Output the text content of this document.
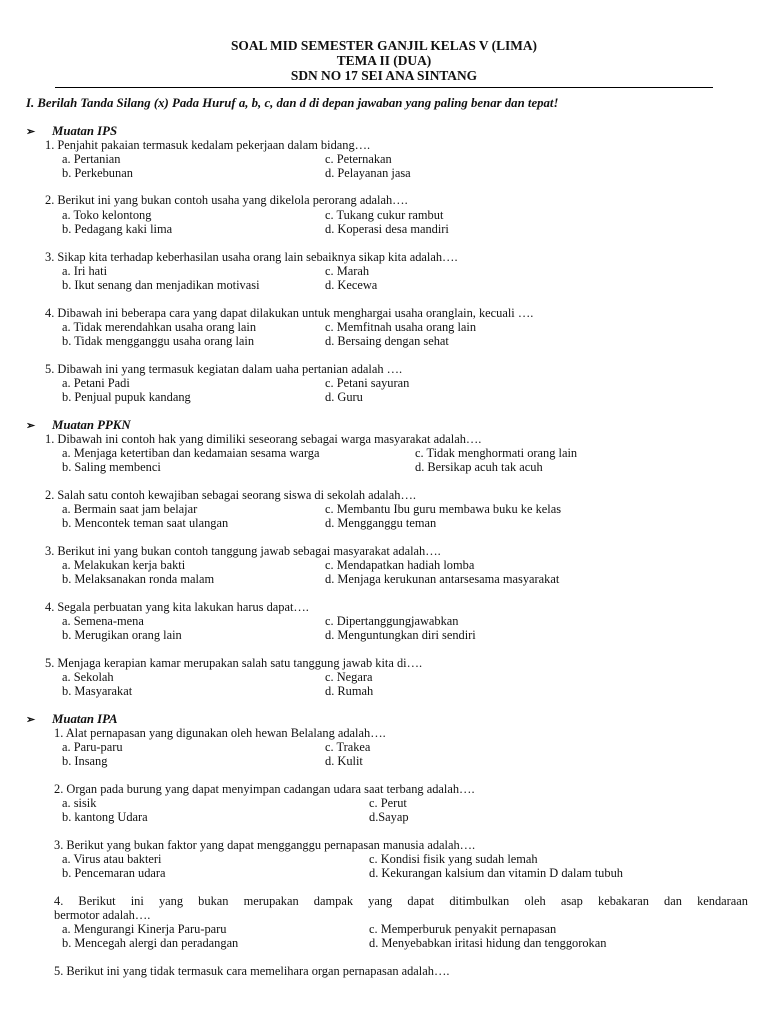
SOAL MID SEMESTER GANJIL KELAS V (LIMA)
TEMA II (DUA)
SDN NO 17 SEI ANA SINTANG
I. Berilah Tanda Silang (x) Pada Huruf a, b, c, dan d di depan jawaban yang paling benar dan tepat!
➢ Muatan IPS
1. Penjahit pakaian termasuk kedalam pekerjaan dalam bidang….
a. Pertanian	c. Peternakan
b. Perkebunan	d. Pelayanan jasa
2. Berikut ini yang bukan contoh usaha yang dikelola perorang adalah….
a. Toko kelontong	c. Tukang cukur rambut
b. Pedagang kaki lima	d. Koperasi desa mandiri
3. Sikap kita terhadap keberhasilan usaha orang lain sebaiknya sikap kita adalah….
a. Iri hati	c. Marah
b. Ikut senang dan menjadikan motivasi	d. Kecewa
4. Dibawah ini beberapa cara yang dapat dilakukan untuk menghargai usaha oranglain, kecuali ….
a. Tidak merendahkan usaha orang lain	c. Memfitnah usaha orang lain
b. Tidak mengganggu usaha orang lain	d. Bersaing dengan sehat
5. Dibawah ini yang termasuk kegiatan dalam uaha pertanian adalah ….
a. Petani Padi	c. Petani sayuran
b. Penjual pupuk kandang	d. Guru
➢ Muatan PPKN
1. Dibawah ini contoh hak yang dimiliki seseorang sebagai warga masyarakat adalah….
a. Menjaga ketertiban dan kedamaian sesama warga	c. Tidak menghormati orang lain
b. Saling membenci	d. Bersikap acuh tak acuh
2. Salah satu contoh kewajiban sebagai seorang siswa di sekolah adalah….
a. Bermain saat jam belajar	c. Membantu Ibu guru membawa buku ke kelas
b. Mencontek teman saat ulangan	d. Mengganggu teman
3. Berikut ini yang bukan contoh tanggung jawab sebagai masyarakat adalah….
a. Melakukan kerja bakti	c. Mendapatkan hadiah lomba
b. Melaksanakan ronda malam	d. Menjaga kerukunan antarsesama masyarakat
4. Segala perbuatan yang kita lakukan harus dapat….
a. Semena-mena	c. Dipertanggungjawabkan
b. Merugikan orang lain	d. Menguntungkan diri sendiri
5. Menjaga kerapian kamar merupakan salah satu tanggung jawab kita di….
a. Sekolah	c. Negara
b. Masyarakat	d. Rumah
➢ Muatan IPA
1. Alat pernapasan yang digunakan oleh hewan Belalang adalah….
a. Paru-paru	c. Trakea
b. Insang	d. Kulit
2. Organ pada burung yang dapat menyimpan cadangan udara saat terbang adalah….
a. sisik	c. Perut
b. kantong Udara	d.Sayap
3. Berikut yang bukan faktor yang dapat mengganggu pernapasan manusia adalah….
a. Virus atau bakteri	c. Kondisi fisik yang sudah lemah
b. Pencemaran udara	d. Kekurangan kalsium dan vitamin D dalam tubuh
4. Berikut ini yang bukan merupakan dampak yang dapat ditimbulkan oleh asap kebakaran dan kendaraan
bermotor adalah….
a. Mengurangi Kinerja Paru-paru	c. Memperburuk penyakit pernapasan
b. Mencegah alergi dan peradangan	d. Menyebabkan iritasi hidung dan tenggorokan
5. Berikut ini yang tidak termasuk cara memelihara organ pernapasan adalah….
